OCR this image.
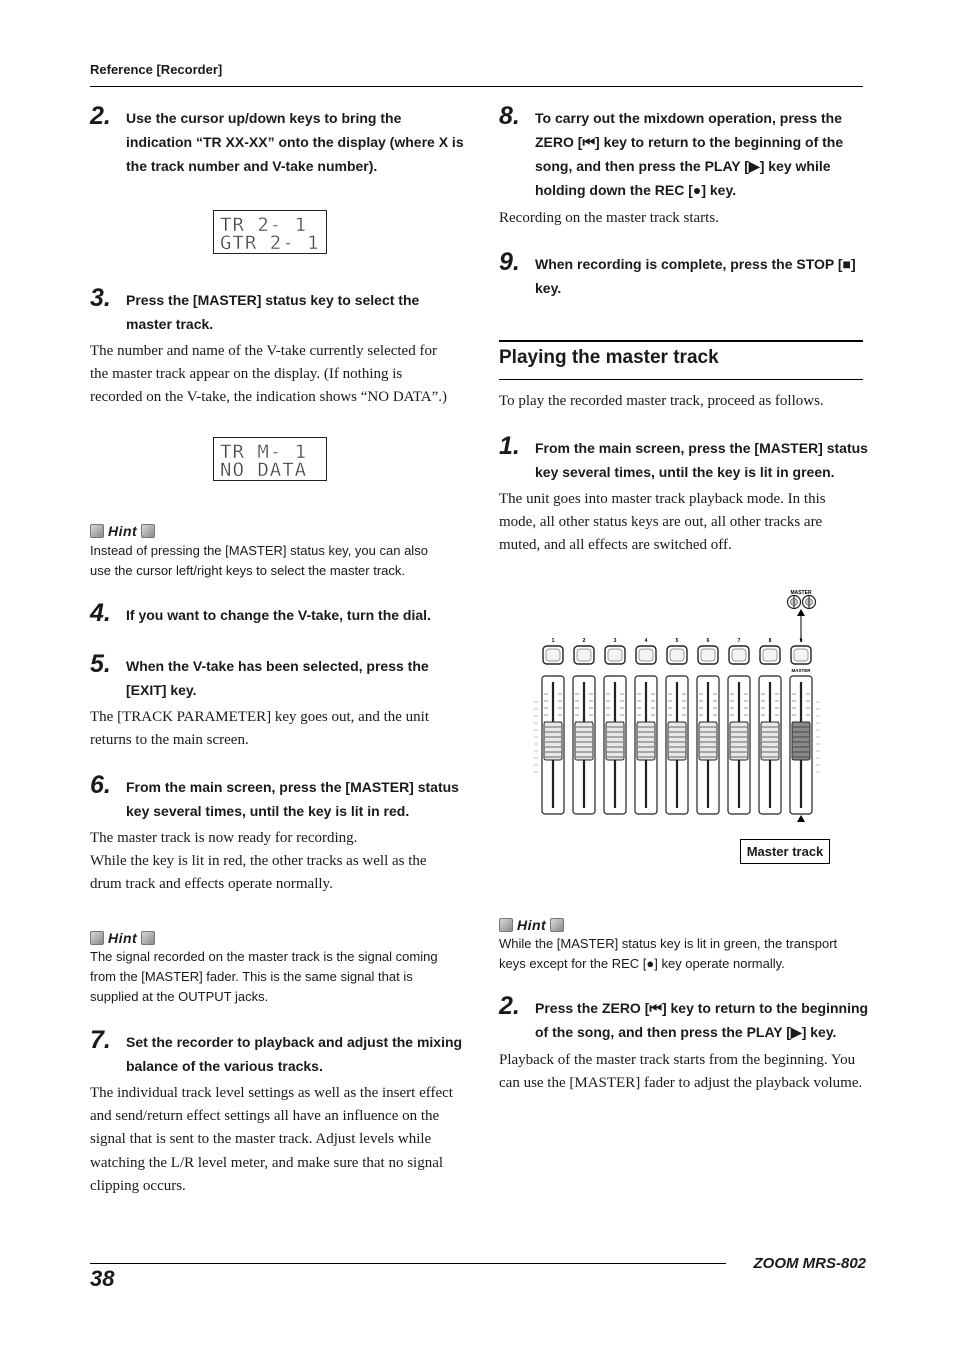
Reference [Recorder]
2. Use the cursor up/down keys to bring the
indication “TR XX-XX” onto the display (where X is
the track number and V-take number).
TR 2- 1
GTR 2- 1
3. Press the [MASTER] status key to select the
master track.
The number and name of the V-take currently selected for
the master track appear on the display. (If nothing is
recorded on the V-take, the indication shows “NO DATA”.)
TR M- 1
NO DATA
Hint
Instead of pressing the [MASTER] status key, you can also
use the cursor left/right keys to select the master track.
4. If you want to change the V-take, turn the dial.
5. When the V-take has been selected, press the
[EXIT] key.
The [TRACK PARAMETER] key goes out, and the unit
returns to the main screen.
6. From the main screen, press the [MASTER] status
key several times, until the key is lit in red.
The master track is now ready for recording.
While the key is lit in red, the other tracks as well as the
drum track and effects operate normally.
Hint
The signal recorded on the master track is the signal coming
from the [MASTER] fader. This is the same signal that is
supplied at the OUTPUT jacks.
7. Set the recorder to playback and adjust the mixing
balance of the various tracks.
The individual track level settings as well as the insert effect
and send/return effect settings all have an influence on the
signal that is sent to the master track. Adjust levels while
watching the L/R level meter, and make sure that no signal
clipping occurs.
8. To carry out the mixdown operation, press the
ZERO [⏮] key to return to the beginning of the
song, and then press the PLAY [▶] key while
holding down the REC [●] key.
Recording on the master track starts.
9. When recording is complete, press the STOP [■]
key.
Playing the master track
To play the recorded master track, proceed as follows.
1. From the main screen, press the [MASTER] status
key several times, until the key is lit in green.
The unit goes into master track playback mode. In this
mode, all other status keys are out, all other tracks are
muted, and all effects are switched off.
1	2	3	4	5	6	7	8	9
MASTER
MASTER
Master track
Hint
While the [MASTER] status key is lit in green, the transport
keys except for the REC [●] key operate normally.
2. Press the ZERO [⏮] key to return to the beginning
of the song, and then press the PLAY [▶] key.
Playback of the master track starts from the beginning. You
can use the [MASTER] fader to adjust the playback volume.
ZOOM MRS-802
38
